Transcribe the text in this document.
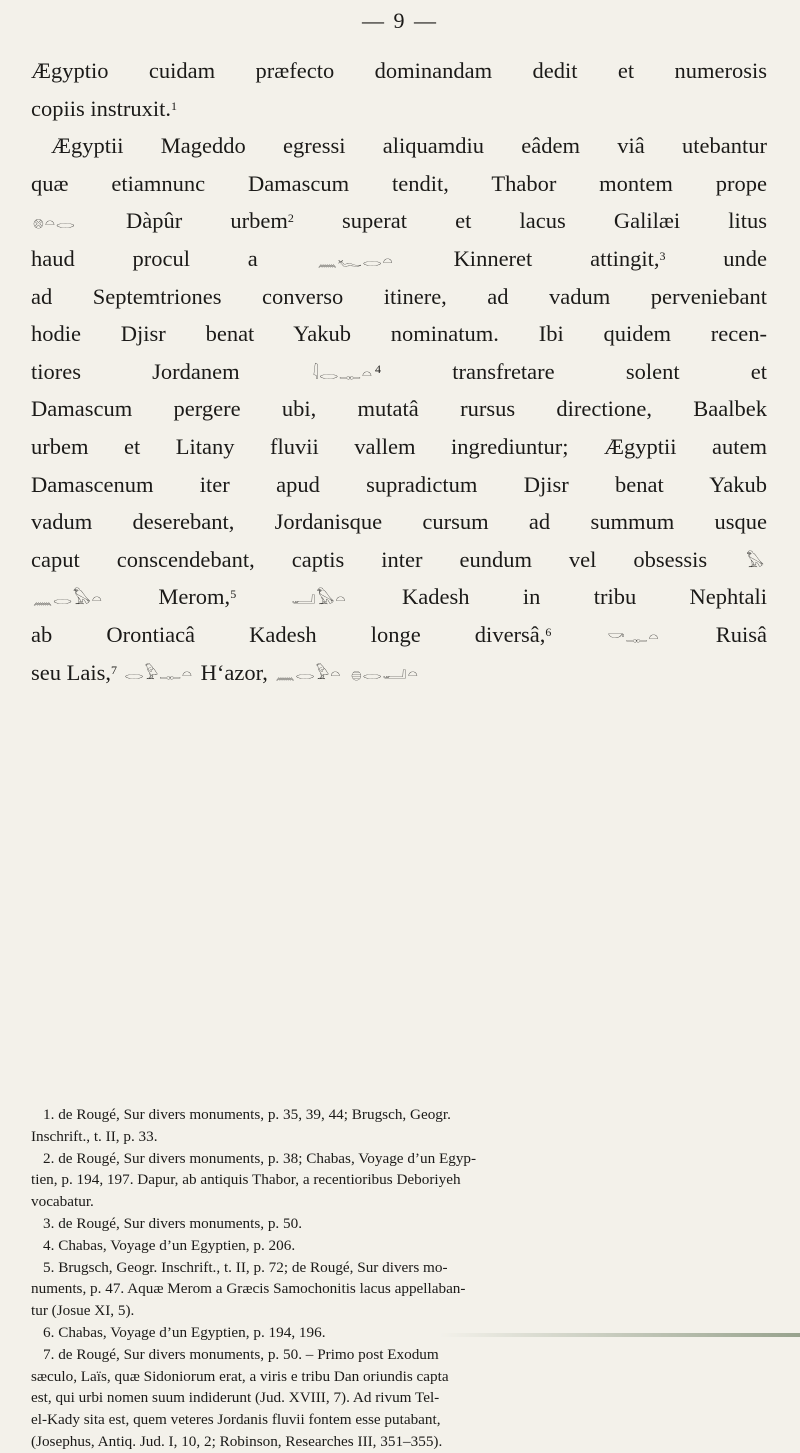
— 9 —
Ægyptio cuidam præfecto dominandam dedit et numerosis
copiis instruxit.$^1$
Ægyptii Mageddo egressi aliquamdiu eâdem viâ utebantur
quæ etiamnunc Damascum tendit, Thabor montem prope
𓊖𓏏𓂋 Dàpûr urbem$^2$ superat et lacus Galilæi litus
haud procul a	𓈖𓆑𓂋𓏏	Kinneret attingit,$^3$	unde
ad Septemtriones converso itinere, ad vadum perveniebant
hodie Djisr benat Yakub nominatum. Ibi quidem recen-
tiores Jordanem	𓇋𓂋𓊃𓏏 $^4$	transfretare solent et
Damascum pergere ubi, mutatâ rursus directione, Baalbek
urbem et Litany fluvii vallem ingrediuntur; Ægyptii autem
Damascenum iter apud supradictum Djisr benat Yakub
vadum deserebant, Jordanisque cursum ad summum usque
caput conscendebant, captis inter eundum vel obsessis 𓅃
𓈖𓂋𓅃𓏏 Merom,$^5$	𓂝𓅃𓏏 Kadesh in tribu Nephtali
ab Orontiacâ Kadesh longe diversâ,$^6$	𓎡𓊃𓏏 Ruisâ
seu Lais,$^7$ 𓂋𓅱𓊃𓏏 H‘azor, 𓈖𓂋𓅱𓏏 𓐍𓂋𓂝𓏏
1. de Rougé, Sur divers monuments, p. 35, 39, 44; Brugsch, Geogr.
Inschrift., t. II, p. 33.
2. de Rougé, Sur divers monuments, p. 38; Chabas, Voyage d’un Egyp-
tien, p. 194, 197. Dapur, ab antiquis Thabor, a recentioribus Deboriyeh
vocabatur.
3. de Rougé, Sur divers monuments, p. 50.
4. Chabas, Voyage d’un Egyptien, p. 206.
5. Brugsch, Geogr. Inschrift., t. II, p. 72; de Rougé, Sur divers mo-
numents, p. 47. Aquæ Merom a Græcis Samochonitis lacus appellaban-
tur (Josue XI, 5).
6. Chabas, Voyage d’un Egyptien, p. 194, 196.
7. de Rougé, Sur divers monuments, p. 50. – Primo post Exodum
sæculo, Laïs, quæ Sidoniorum erat, a viris e tribu Dan oriundis capta
est, qui urbi nomen suum indiderunt (Jud. XVIII, 7). Ad rivum Tel-
el-Kady sita est, quem veteres Jordanis fluvii fontem esse putabant,
(Josephus, Antiq. Jud. I, 10, 2; Robinson, Researches III, 351–355).
